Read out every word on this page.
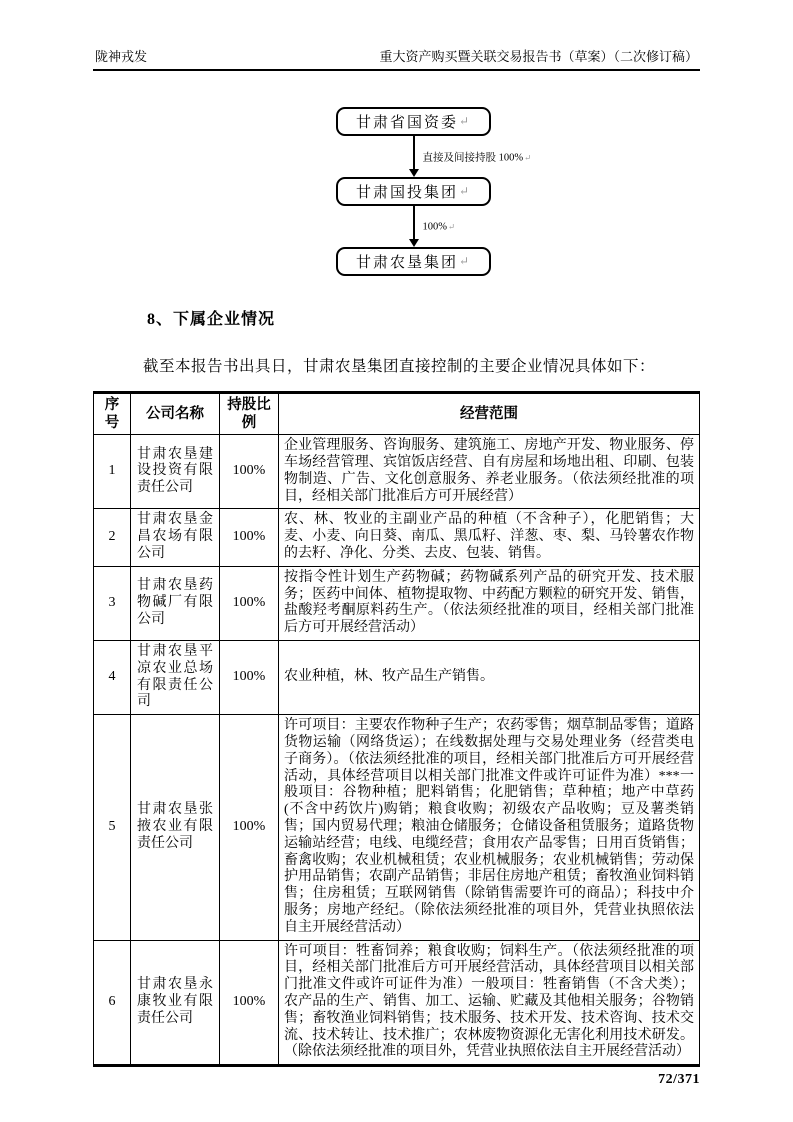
陇神戎发	重大资产购买暨关联交易报告书（草案）（二次修订稿）
甘肃省国资委 ↵
直接及间接持股 100%↵
甘肃国投集团 ↵
100%↵
甘肃农垦集团 ↵
8、下属企业情况

截至本报告书出具日，甘肃农垦集团直接控制的主要企业情况具体如下：

序号	公司名称	持股比例	经营范围
1	甘肃农垦建设投资有限责任公司	100%	企业管理服务、咨询服务、建筑施工、房地产开发、物业服务、停车场经营管理、宾馆饭店经营、自有房屋和场地出租、印刷、包装物制造、广告、文化创意服务、养老业服务。（依法须经批准的项目，经相关部门批准后方可开展经营）
2	甘肃农垦金昌农场有限公司	100%	农、林、牧业的主副业产品的种植（不含种子），化肥销售；大麦、小麦、向日葵、南瓜、黑瓜籽、洋葱、枣、梨、马铃薯农作物的去籽、净化、分类、去皮、包装、销售。
3	甘肃农垦药物碱厂有限公司	100%	按指令性计划生产药物碱；药物碱系列产品的研究开发、技术服务；医药中间体、植物提取物、中药配方颗粒的研究开发、销售，盐酸羟考酮原料药生产。（依法须经批准的项目，经相关部门批准后方可开展经营活动）
4	甘肃农垦平凉农业总场有限责任公司	100%	农业种植，林、牧产品生产销售。
5	甘肃农垦张掖农业有限责任公司	100%	许可项目：主要农作物种子生产；农药零售；烟草制品零售；道路货物运输（网络货运）；在线数据处理与交易处理业务（经营类电子商务）。（依法须经批准的项目，经相关部门批准后方可开展经营活动，具体经营项目以相关部门批准文件或许可证件为准）***一般项目：谷物种植；肥料销售；化肥销售；草种植；地产中草药(不含中药饮片)购销；粮食收购；初级农产品收购；豆及薯类销售；国内贸易代理；粮油仓储服务；仓储设备租赁服务；道路货物运输站经营；电线、电缆经营；食用农产品零售；日用百货销售；畜禽收购；农业机械租赁；农业机械服务；农业机械销售；劳动保护用品销售；农副产品销售；非居住房地产租赁；畜牧渔业饲料销售；住房租赁；互联网销售（除销售需要许可的商品）；科技中介服务；房地产经纪。（除依法须经批准的项目外，凭营业执照依法自主开展经营活动）
6	甘肃农垦永康牧业有限责任公司	100%	许可项目：牲畜饲养；粮食收购；饲料生产。（依法须经批准的项目，经相关部门批准后方可开展经营活动，具体经营项目以相关部门批准文件或许可证件为准）一般项目：牲畜销售（不含犬类）；农产品的生产、销售、加工、运输、贮藏及其他相关服务；谷物销售；畜牧渔业饲料销售；技术服务、技术开发、技术咨询、技术交流、技术转让、技术推广；农林废物资源化无害化利用技术研发。（除依法须经批准的项目外，凭营业执照依法自主开展经营活动）
72/371
